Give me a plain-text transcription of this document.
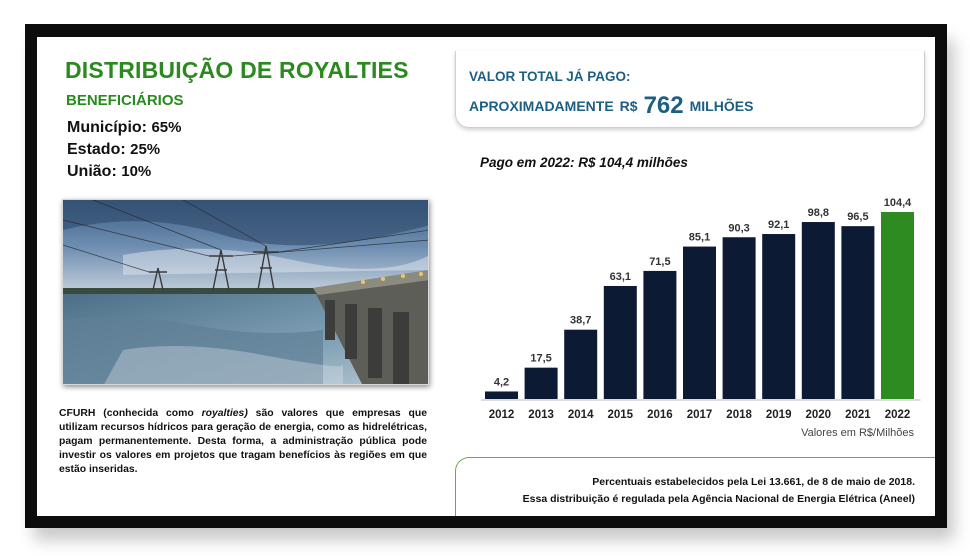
DISTRIBUIÇÃO DE ROYALTIES
BENEFICIÁRIOS
Município: 65%
Estado: 25%
União: 10%
CFURH (conhecida como royalties) são valores que empresas que utilizam recursos hídricos para geração de energia, como as hidrelétricas, pagam permanentemente. Desta forma, a administração pública pode investir os valores em projetos que tragam benefícios às regiões em que estão inseridas.
VALOR TOTAL JÁ PAGO:
APROXIMADAMENTE R$ 762 MILHÕES
Pago em 2022: R$ 104,4 milhões
4,2
2012
17,5
2013
38,7
2014
63,1
2015
71,5
2016
85,1
2017
90,3
2018
92,1
2019
98,8
2020
96,5
2021
104,4
2022
Valores em R$/Milhões
Percentuais estabelecidos pela Lei 13.661, de 8 de maio de 2018.
Essa distribuição é regulada pela Agência Nacional de Energia Elétrica (Aneel)
